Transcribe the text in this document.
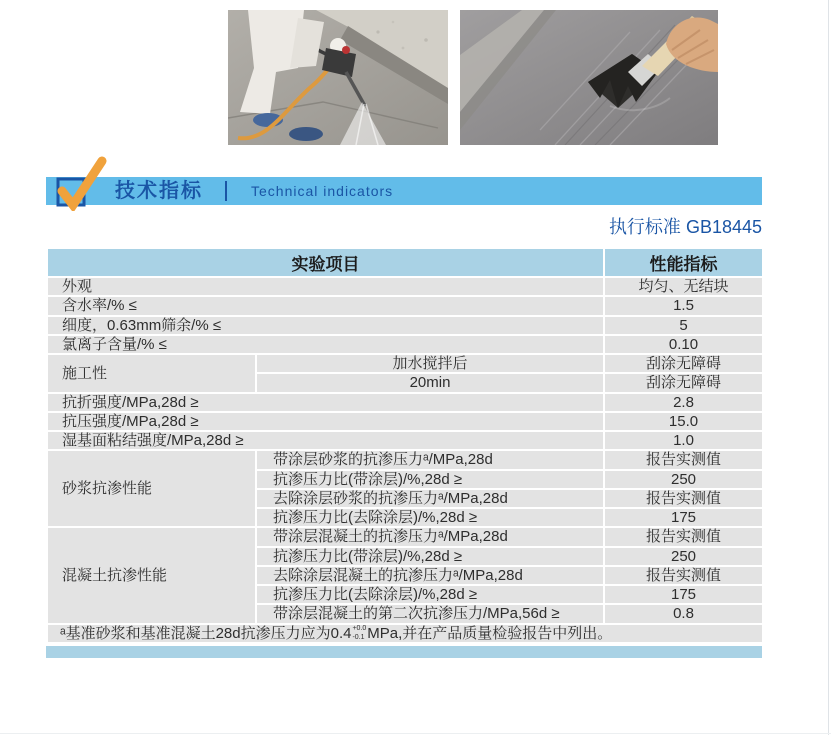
技术指标	Technical indicators
执行标准 GB18445
实验项目		性能指标
外观		均匀、无结块
含水率/% ≤		1.5
细度，0.63mm筛余/% ≤		5
氯离子含量/% ≤		0.10
施工性	加水搅拌后	刮涂无障碍
	20min	刮涂无障碍
抗折强度/MPa,28d ≥		2.8
抗压强度/MPa,28d ≥		15.0
湿基面粘结强度/MPa,28d ≥		1.0
砂浆抗渗性能	带涂层砂浆的抗渗压力ᵃ/MPa,28d	报告实测值
	抗渗压力比(带涂层)/%,28d ≥	250
	去除涂层砂浆的抗渗压力ᵃ/MPa,28d	报告实测值
	抗渗压力比(去除涂层)/%,28d ≥	175
混凝土抗渗性能	带涂层混凝土的抗渗压力ᵃ/MPa,28d	报告实测值
	抗渗压力比(带涂层)/%,28d ≥	250
	去除涂层混凝土的抗渗压力ᵃ/MPa,28d	报告实测值
	抗渗压力比(去除涂层)/%,28d ≥	175
	带涂层混凝土的第二次抗渗压力/MPa,56d ≥	0.8
ᵃ基准砂浆和基准混凝土28d抗渗压力应为0.4 +0.0
-0.1 MPa,并在产品质量检验报告中列出。		
